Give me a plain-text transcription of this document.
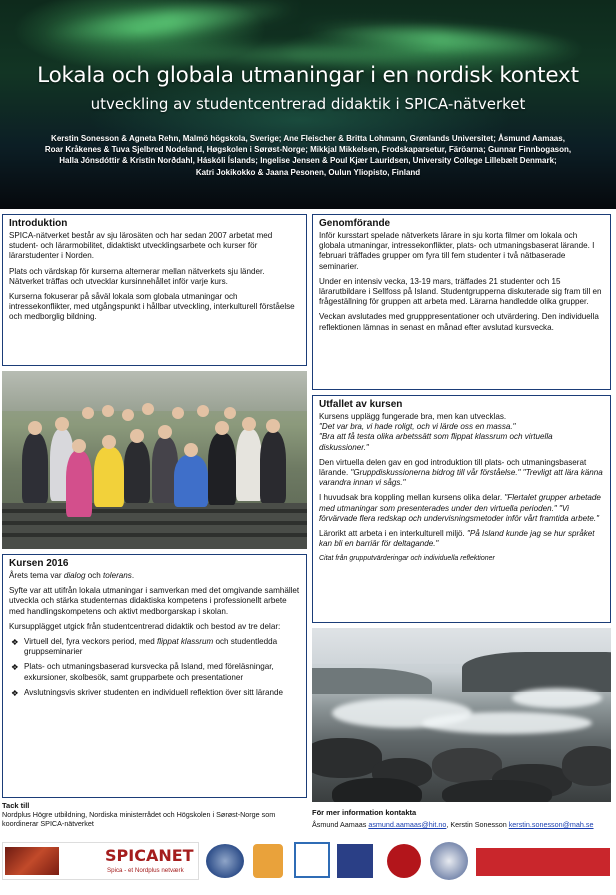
Lokala och globala utmaningar i en nordisk kontext
utveckling av studentcentrerad didaktik i SPICA-nätverket
Kerstin Sonesson & Agneta Rehn, Malmö högskola, Sverige; Ane Fleischer & Britta Lohmann, Grønlands Universitet; Åsmund Aamaas,
Roar Kråkenes & Tuva Sjelbred Nodeland, Høgskolen i Sørøst-Norge; Mikkjal Mikkelsen, Frodskaparsetur, Färöarna; Gunnar Finnbogason,
Halla Jónsdóttir & Kristín Norðdahl, Háskóli Íslands; Ingelise Jensen & Poul Kjær Lauridsen, University College Lillebælt Denmark;
Katri Jokikokko & Jaana Pesonen, Oulun Yliopisto, Finland
Introduktion

SPICA-nätverket består av sju lärosäten och har sedan 2007 arbetat med student- och lärarmobilitet, didaktiskt utvecklingsarbete och kurser för lärarstudenter i Norden.

Plats och värdskap för kurserna alternerar mellan nätverkets sju länder. Nätverket träffas och utvecklar kursinnehållet inför varje kurs.

Kurserna fokuserar på såväl lokala som globala utmaningar och intressekonflikter, med utgångspunkt i hållbar utveckling, interkulturell förståelse och medborglig bildning.

Kursen 2016

Årets tema var dialog och tolerans.

Syfte var att utifrån lokala utmaningar i samverkan med det omgivande samhället utveckla och stärka studenternas didaktiska kompetens i professionellt arbete med handlingskompetens och aktivt medborgarskap i skolan.

Kursupplägget utgick från studentcentrerad didaktik och bestod av tre delar:

❖ Virtuell del, fyra veckors period, med flippat klassrum och studentledda gruppseminarier
❖ Plats- och utmaningsbaserad kursvecka på Island, med föreläsningar, exkursioner, skolbesök, samt grupparbete och presentationer
❖ Avslutningsvis skriver studenten en individuell reflektion över sitt lärande
Genomförande

Inför kursstart spelade nätverkets lärare in sju korta filmer om lokala och globala utmaningar, intressekonflikter, plats- och utmaningsbaserat lärande. I februari träffades grupper om fyra till fem studenter i två nätbaserade seminarier.

Under en intensiv vecka, 13-19 mars, träffades 21 studenter och 15 lärarutbildare i Sellfoss på Island. Studentgrupperna diskuterade sig fram till en frågeställning för gruppen att arbeta med. Lärarna handledde olika grupper.

Veckan avslutades med grupppresentationer och utvärdering. Den individuella reflektionen lämnas in senast en månad efter avslutad kursvecka.

Utfallet av kursen

Kursens upplägg fungerade bra, men kan utvecklas.

"Det var bra, vi hade roligt, och vi lärde oss en massa."

"Bra att få testa olika arbetssätt som flippat klassrum och virtuella diskussioner."

Den virtuella delen gav en god introduktion till plats- och utmaningsbaserat lärande. "Gruppdiskussionerna bidrog till vår förståelse." "Trevligt att lära känna varandra innan vi sågs."

I huvudsak bra koppling mellan kursens olika delar. "Flertalet grupper arbetade med utmaningar som presenterades under den virtuella perioden." "Vi förvärvade flera redskap och undervisningsmetoder inför vårt framtida arbete."

Lärorikt att arbeta i en interkulturell miljö. "På Island kunde jag se hur språket kan bli en barriär för deltagande."

Citat från grupputvärderingar och individuella reflektioner

Tack till
Nordplus Högre utbildning, Nordiska ministerrådet och Högskolen i Sørøst-Norge som koordinerar SPICA-nätverket
För mer information kontakta
Åsmund Aamaas asmund.aamaas@hit.no, Kerstin Sonesson kerstin.sonesson@mah.se
SPICANET
Spica - et Nordplus netværk
